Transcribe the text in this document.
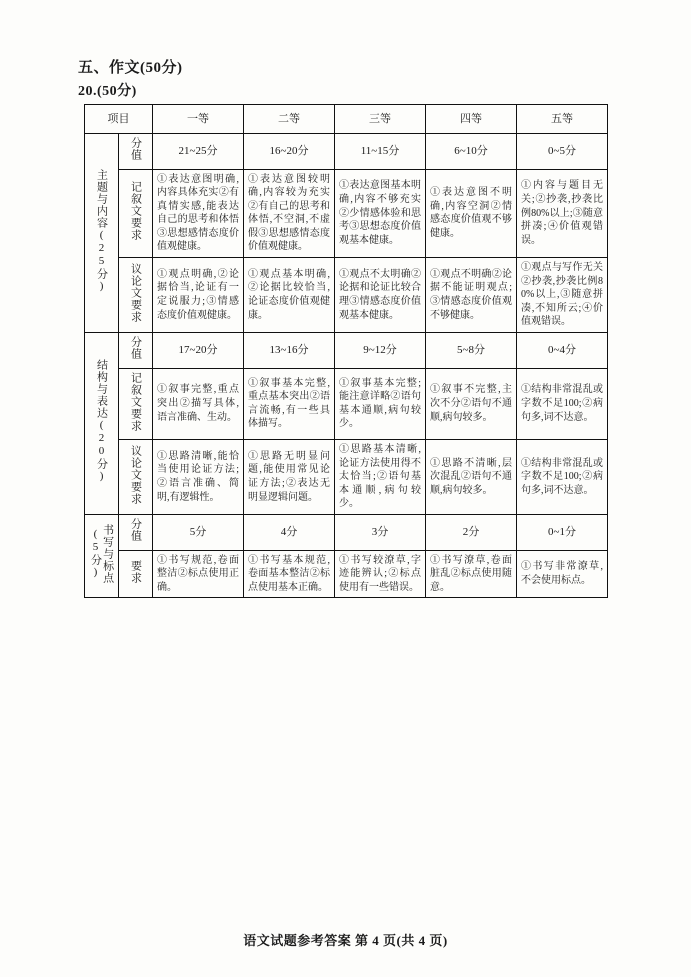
五、作文(50分)
20.(50分)
项目		一等	二等	三等	四等	五等
主题与内容(25分)	分值	21~25分	16~20分	11~15分	6~10分	0~5分
	记叙文要求	①表达意图明确,内容具体充实②有真情实感,能表达自己的思考和体悟③思想感情态度价值观健康。	①表达意图较明确,内容较为充实②有自己的思考和体悟,不空洞,不虚假③思想感情态度价值观健康。	①表达意图基本明确,内容不够充实②少情感体验和思考③思想态度价值观基本健康。	①表达意图不明确,内容空洞②情感态度价值观不够健康。	①内容与题目无关;②抄袭,抄袭比例80%以上;③随意拼凑;④价值观错误。
	议论文要求	①观点明确,②论据恰当,论证有一定说服力;③情感态度价值观健康。	①观点基本明确,②论据比较恰当,论证态度价值观健康。	①观点不太明确②论据和论证比较合理③情感态度价值观基本健康。	①观点不明确②论据不能证明观点;③情感态度价值观不够健康。	①观点与写作无关②抄袭,抄袭比例80%以上,③随意拼凑,不知所云;④价值观错误。
结构与表达(20分)	分值	17~20分	13~16分	9~12分	5~8分	0~4分
	记叙文要求	①叙事完整,重点突出②描写具体,语言准确、生动。	①叙事基本完整,重点基本突出②语言流畅,有一些具体描写。	①叙事基本完整;能注意详略②语句基本通顺,病句较少。	①叙事不完整,主次不分②语句不通顺,病句较多。	①结构非常混乱或字数不足100;②病句多,词不达意。
	议论文要求	①思路清晰,能恰当使用论证方法;②语言准确、简明,有逻辑性。	①思路无明显问题,能使用常见论证方法;②表达无明显逻辑问题。	①思路基本清晰,论证方法使用得不太恰当;②语句基本通顺,病句较少。	①思路不清晰,层次混乱②语句不通顺,病句较多。	①结构非常混乱或字数不足100;②病句多,词不达意。
书写与标点(5分)	分值	5分	4分	3分	2分	0~1分
	要求	①书写规范,卷面整洁②标点使用正确。	①书写基本规范,卷面基本整洁②标点使用基本正确。	①书写较潦草,字迹能辨认;②标点使用有一些错误。	①书写潦草,卷面脏乱②标点使用随意。	①书写非常潦草,不会使用标点。
语文试题参考答案 第 4 页(共 4 页)
